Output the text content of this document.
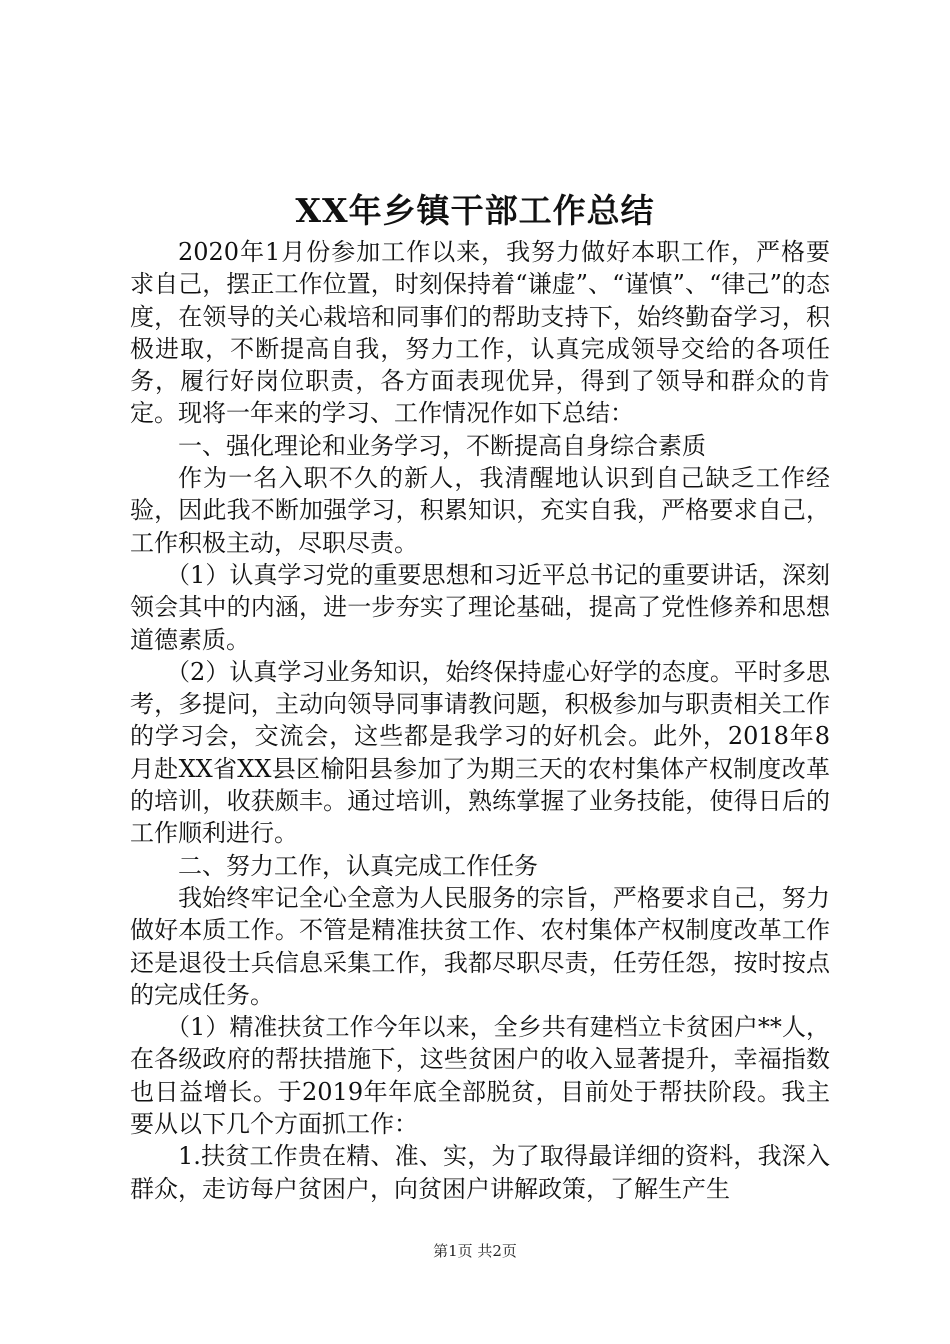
XX年乡镇干部工作总结

2020年1月份参加工作以来，我努力做好本职工作，严格要求自己，摆正工作位置，时刻保持着“谦虚”、“谨慎”、“律己”的态度，在领导的关心栽培和同事们的帮助支持下，始终勤奋学习，积极进取，不断提高自我，努力工作，认真完成领导交给的各项任务，履行好岗位职责，各方面表现优异，得到了领导和群众的肯定。现将一年来的学习、工作情况作如下总结：

一、强化理论和业务学习，不断提高自身综合素质

作为一名入职不久的新人，我清醒地认识到自己缺乏工作经验，因此我不断加强学习，积累知识，充实自我，严格要求自己，工作积极主动，尽职尽责。

（1）认真学习党的重要思想和习近平总书记的重要讲话，深刻领会其中的内涵，进一步夯实了理论基础，提高了党性修养和思想道德素质。

（2）认真学习业务知识，始终保持虚心好学的态度。平时多思考，多提问，主动向领导同事请教问题，积极参加与职责相关工作的学习会，交流会，这些都是我学习的好机会。此外，2018年8月赴XX省XX县区榆阳县参加了为期三天的农村集体产权制度改革的培训，收获颇丰。通过培训，熟练掌握了业务技能，使得日后的工作顺利进行。

二、努力工作，认真完成工作任务

我始终牢记全心全意为人民服务的宗旨，严格要求自己，努力做好本质工作。不管是精准扶贫工作、农村集体产权制度改革工作还是退役士兵信息采集工作，我都尽职尽责，任劳任怨，按时按点的完成任务。

（1）精准扶贫工作今年以来，全乡共有建档立卡贫困户**人，在各级政府的帮扶措施下，这些贫困户的收入显著提升，幸福指数也日益增长。于2019年年底全部脱贫，目前处于帮扶阶段。我主要从以下几个方面抓工作：

1.扶贫工作贵在精、准、实，为了取得最详细的资料，我深入群众，走访每户贫困户，向贫困户讲解政策，了解生产生

第1页 共2页
